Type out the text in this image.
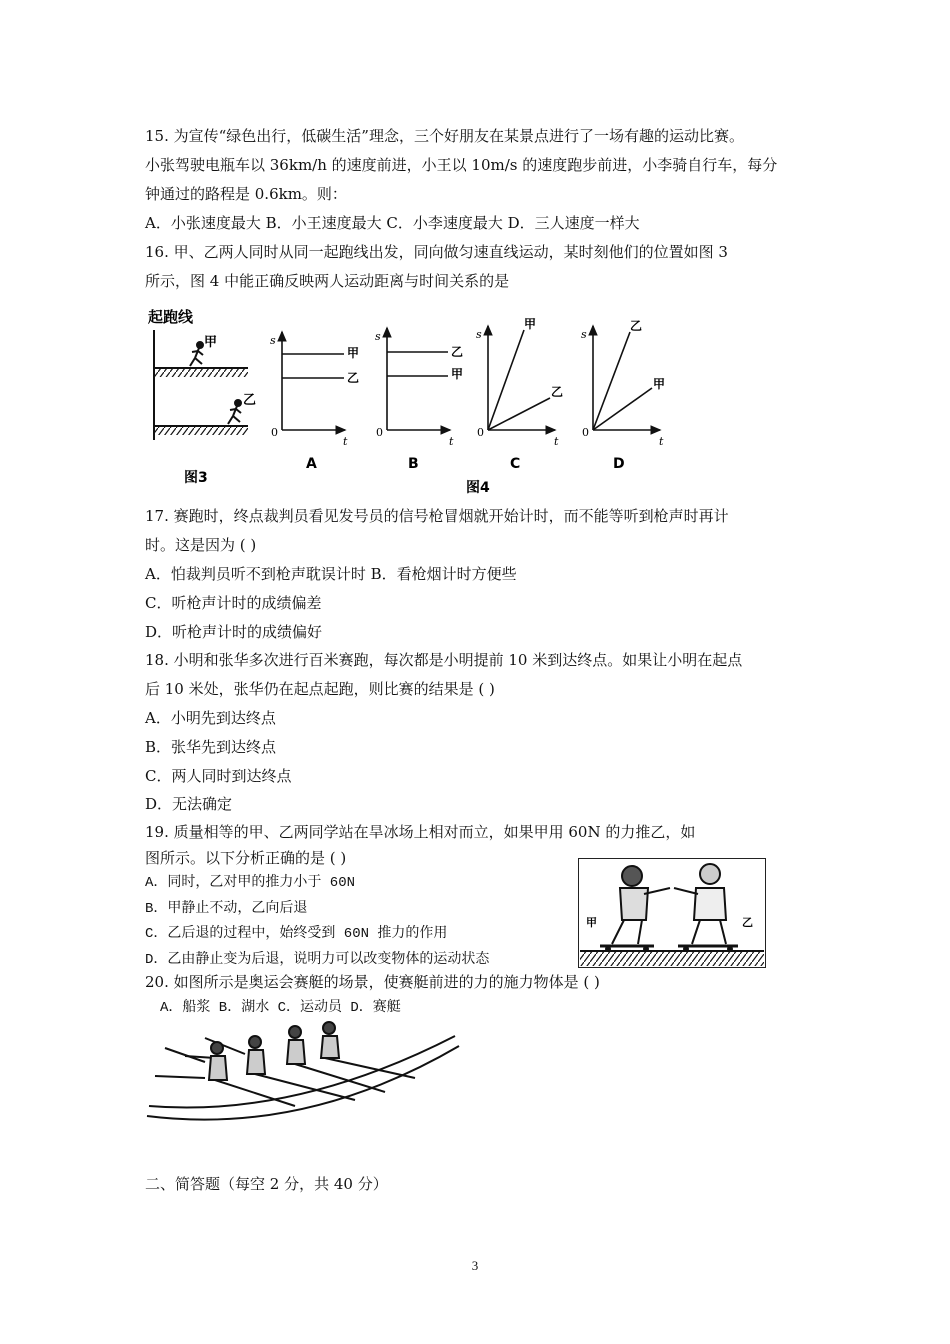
15. 为宣传“绿色出行，低碳生活”理念，三个好朋友在某景点进行了一场有趣的运动比赛。
小张驾驶电瓶车以 36km/h 的速度前进，小王以 10m/s 的速度跑步前进，小李骑自行车，每分
钟通过的路程是 0.6km。则：
A．小张速度最大 B．小王速度最大 C．小李速度最大 D．三人速度一样大
16. 甲、乙两人同时从同一起跑线出发，同向做匀速直线运动，某时刻他们的位置如图 3
所示，图 4 中能正确反映两人运动距离与时间关系的是
起跑线
甲
乙
图3
s
0
t
甲
乙
A
s
0
t
乙
甲
B
s
0
t
甲
乙
C
s
0
t
乙
甲
D
图4
17. 赛跑时，终点裁判员看见发号员的信号枪冒烟就开始计时，而不能等听到枪声时再计
时。这是因为 ( )
A．怕裁判员听不到枪声耽误计时 B．看枪烟计时方便些
C．听枪声计时的成绩偏差
D．听枪声计时的成绩偏好
18. 小明和张华多次进行百米赛跑，每次都是小明提前 10 米到达终点。如果让小明在起点
后 10 米处，张华仍在起点起跑，则比赛的结果是 ( )
A．小明先到达终点
B．张华先到达终点
C．两人同时到达终点
D．无法确定
19. 质量相等的甲、乙两同学站在旱冰场上相对而立，如果甲用 60N 的力推乙，如
图所示。以下分析正确的是 ( )
A．同时，乙对甲的推力小于 60N
B．甲静止不动，乙向后退
C．乙后退的过程中，始终受到 60N 推力的作用
D．乙由静止变为后退，说明力可以改变物体的运动状态
甲	乙
20. 如图所示是奥运会赛艇的场景，使赛艇前进的力的施力物体是 ( )
A．船浆 B．湖水 C．运动员 D．赛艇
二、简答题（每空 2 分，共 40 分）
3
